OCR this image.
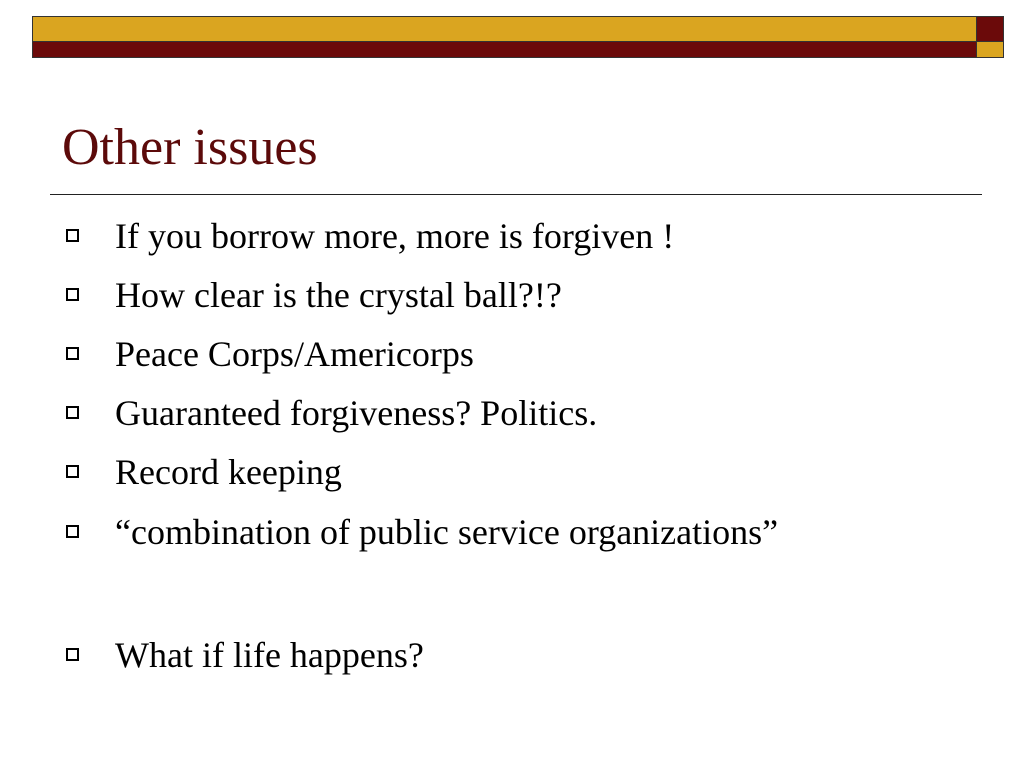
Other issues
If you borrow more, more is forgiven !
How clear is the crystal ball?!?
Peace Corps/Americorps
Guaranteed forgiveness? Politics.
Record keeping
“combination of public service organizations”
What if life happens?
